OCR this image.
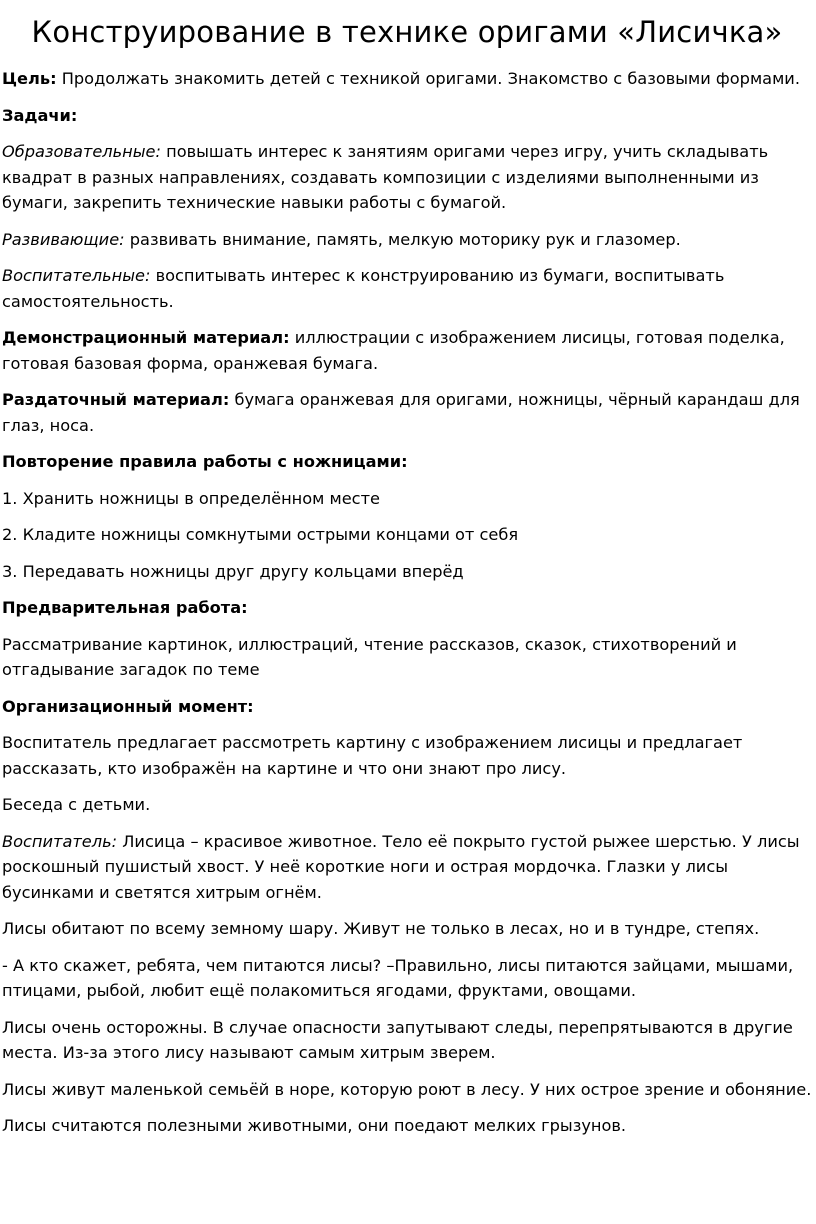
Конструирование в технике оригами «Лисичка»

Цель: Продолжать знакомить детей с техникой оригами. Знакомство с базовыми формами.

Задачи:

Образовательные: повышать интерес к занятиям оригами через игру, учить складывать квадрат в разных направлениях, создавать композиции с изделиями выполненными из бумаги, закрепить технические навыки работы с бумагой.

Развивающие: развивать внимание, память, мелкую моторику рук и глазомер.

Воспитательные: воспитывать интерес к конструированию из бумаги, воспитывать самостоятельность.

Демонстрационный материал: иллюстрации с изображением лисицы, готовая поделка, готовая базовая форма, оранжевая бумага.

Раздаточный материал: бумага оранжевая для оригами, ножницы, чёрный карандаш для глаз, носа.

Повторение правила работы с ножницами:

1. Хранить ножницы в определённом месте

2. Кладите ножницы сомкнутыми острыми концами от себя

3. Передавать ножницы друг другу кольцами вперёд

Предварительная работа:

Рассматривание картинок, иллюстраций, чтение рассказов, сказок, стихотворений и отгадывание загадок по теме

Организационный момент:

Воспитатель предлагает рассмотреть картину с изображением лисицы и предлагает рассказать, кто изображён на картине и что они знают про лису.

Беседа с детьми.

Воспитатель: Лисица – красивое животное. Тело её покрыто густой рыжее шерстью. У лисы роскошный пушистый хвост. У неё короткие ноги и острая мордочка. Глазки у лисы бусинками и светятся хитрым огнём.

Лисы обитают по всему земному шару. Живут не только в лесах, но и в тундре, степях.

- А кто скажет, ребята, чем питаются лисы? –Правильно, лисы питаются зайцами, мышами, птицами, рыбой, любит ещё полакомиться ягодами, фруктами, овощами.

Лисы очень осторожны. В случае опасности запутывают следы, перепрятываются в другие места. Из-за этого лису называют самым хитрым зверем.

Лисы живут маленькой семьёй в норе, которую роют в лесу. У них острое зрение и обоняние.

Лисы считаются полезными животными, они поедают мелких грызунов.
